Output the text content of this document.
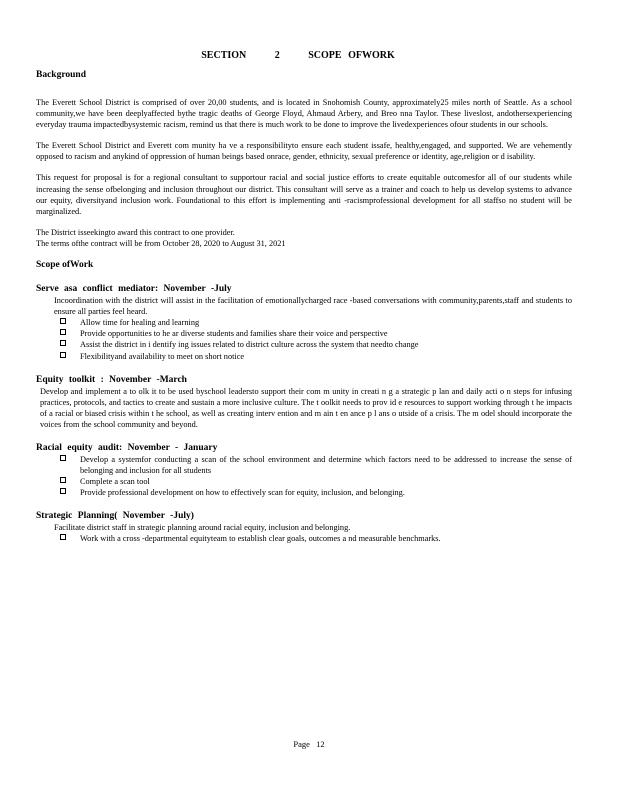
SECTION	2	SCOPE OFWORK
Background

The Everett School District is comprised of over 20,00 students, and is located in Snohomish County, approximately25 miles north of Seattle. As a school community,we have been deeplyaffected bythe tragic deaths of George Floyd, Ahmaud Arbery, and Breo nna Taylor. These liveslost, andothersexperiencing everyday trauma impactedbysystemic racism, remind us that there is much work to be done to improve the livedexperiences ofour students in our schools.

The Everett School District and Everett com munity ha ve a responsibilityto ensure each student issafe, healthy,engaged, and supported. We are vehemently opposed to racism and anykind of oppression of human beings based onrace, gender, ethnicity, sexual preference or identity, age,religion or d isability.

This request for proposal is for a regional consultant to supportour racial and social justice efforts to create equitable outcomesfor all of our students while increasing the sense ofbelonging and inclusion throughout our district. This consultant will serve as a trainer and coach to help us develop systems to advance our equity, diversityand inclusion work. Foundational to this effort is implementing anti -racismprofessional development for all staffso no student will be marginalized.

The District isseekingto award this contract to one provider.

The terms ofthe contract will be from October 28, 2020 to August 31, 2021

Scope ofWork
Serve asa conflict mediator: November -July

Incoordination with the district will assist in the facilitation of emotionallycharged race -based conversations with community,parents,staff and students to ensure all parties feel heard.

Allow time for healing and learning
Provide opportunities to he ar diverse students and families share their voice and perspective
Assist the district in i dentify ing issues related to district culture across the system that needto change
Flexibilityand availability to meet on short notice
Equity toolkit : November -March

Develop and implement a to olk it to be used byschool leadersto support their com m unity in creati n g a strategic p lan and daily acti o n steps for infusing practices, protocols, and tactics to create and sustain a more inclusive culture. The t oolkit needs to prov id e resources to support working through t he impacts of a racial or biased crisis within t he school, as well as creating interv ention and m ain t en ance p l ans o utside of a crisis. The m odel should incorporate the voices from the school community and beyond.

Racial equity audit: November - January
Develop a systemfor conducting a scan of the school environment and determine which factors need to be addressed to increase the sense of belonging and inclusion for all students
Complete a scan tool
Provide professional development on how to effectively scan for equity, inclusion, and belonging.
Strategic Planning( November -July)

Facilitate district staff in strategic planning around racial equity, inclusion and belonging.

Work with a cross -departmental equityteam to establish clear goals, outcomes a nd measurable benchmarks.
Page 12
